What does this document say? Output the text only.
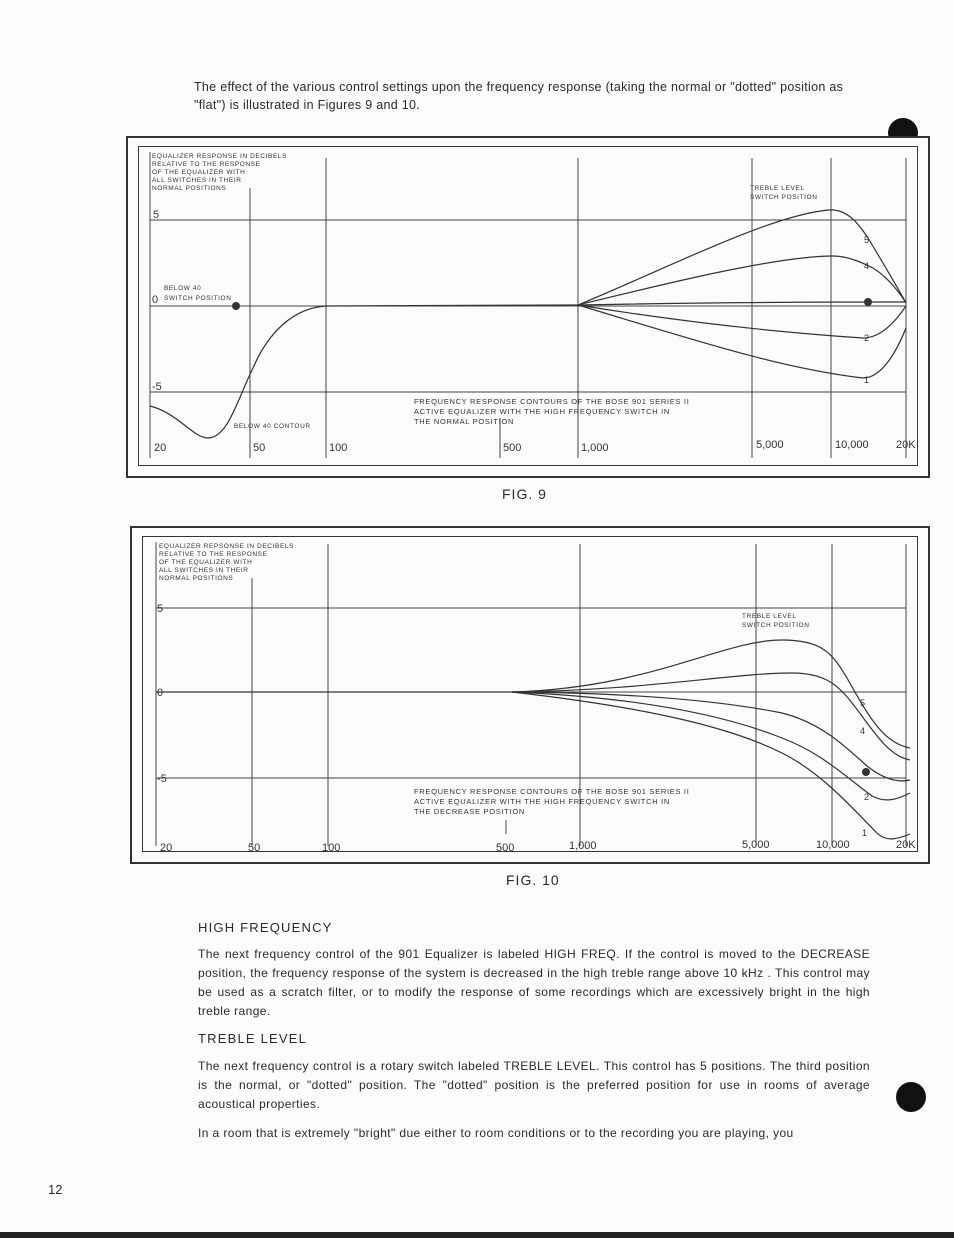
The effect of the various control settings upon the frequency response (taking the normal or "dotted" position as "flat") is illustrated in Figures 9 and 10.
EQUALIZER RESPONSE IN DECIBELS
RELATIVE TO THE RESPONSE
OF THE EQUALIZER WITH
ALL SWITCHES IN THEIR
NORMAL POSITIONS
5
0
-5
20	50	100	500	1,000	5,000	10,000 20K
BELOW 40
SWITCH POSITION
BELOW 40 CONTOUR
TREBLE LEVEL
SWITCH POSITION
5
4
2
1
FREQUENCY RESPONSE CONTOURS OF THE BOSE 901 SERIES II
ACTIVE EQUALIZER WITH THE HIGH FREQUENCY SWITCH IN
THE NORMAL POSITION
FIG. 9
EQUALIZER REPSONSE IN DECIBELS
RELATIVE TO THE RESPONSE
OF THE EQUALIZER WITH
ALL SWITCHES IN THEIR
NORMAL POSITIONS
5
0
-5
20	50	100	500	1,000	5,000	10,000	20K
TREBLE LEVEL
SWITCH POSITION
5
4
2
1
FREQUENCY RESPONSE CONTOURS OF THE BOSE 901 SERIES II
ACTIVE EQUALIZER WITH THE HIGH FREQUENCY SWITCH IN
THE DECREASE POSITION
FIG. 10
HIGH FREQUENCY
The next frequency control of the 901 Equalizer is labeled HIGH FREQ. If the control is moved to the DECREASE position, the frequency response of the system is decreased in the high treble range above 10 kHz . This control may be used as a scratch filter, or to modify the response of some recordings which are excessively bright in the high treble range.
TREBLE LEVEL
The next frequency control is a rotary switch labeled TREBLE LEVEL. This control has 5 positions. The third position is the normal, or "dotted" position. The "dotted" position is the preferred position for use in rooms of average acoustical properties.
In a room that is extremely "bright" due either to room conditions or to the recording you are playing, you
12
